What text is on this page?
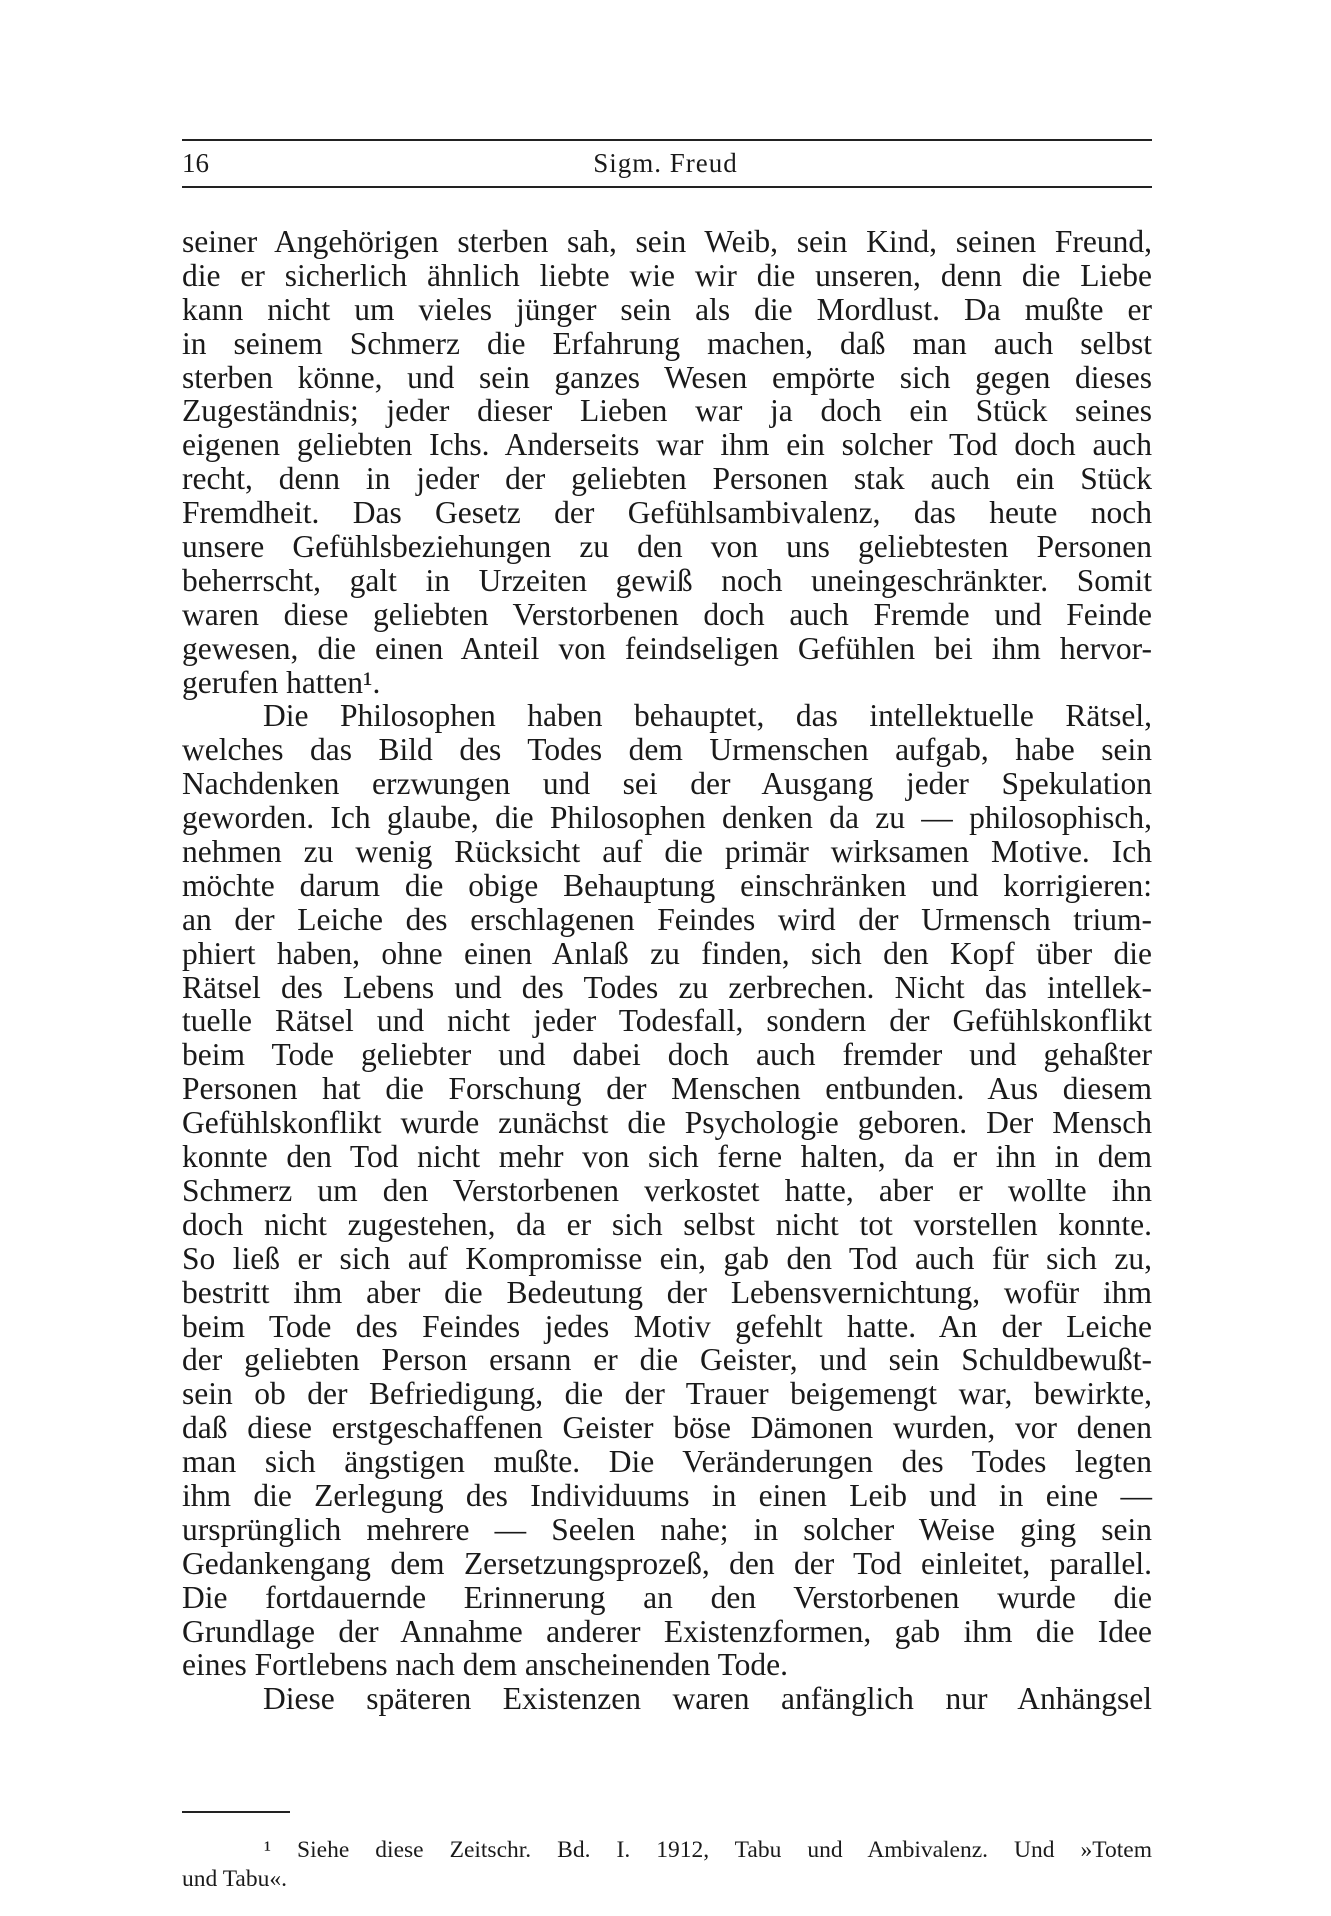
16	Sigm. Freud
seiner Angehörigen sterben sah, sein Weib, sein Kind, seinen Freund,
die er sicherlich ähnlich liebte wie wir die unseren, denn die Liebe
kann nicht um vieles jünger sein als die Mordlust. Da mußte er
in seinem Schmerz die Erfahrung machen, daß man auch selbst
sterben könne, und sein ganzes Wesen empörte sich gegen dieses
Zugeständnis; jeder dieser Lieben war ja doch ein Stück seines
eigenen geliebten Ichs. Anderseits war ihm ein solcher Tod doch auch
recht, denn in jeder der geliebten Personen stak auch ein Stück
Fremdheit. Das Gesetz der Gefühlsambivalenz, das heute noch
unsere Gefühlsbeziehungen zu den von uns geliebtesten Personen
beherrscht, galt in Urzeiten gewiß noch uneingeschränkter. Somit
waren diese geliebten Verstorbenen doch auch Fremde und Feinde
gewesen, die einen Anteil von feindseligen Gefühlen bei ihm hervor-
gerufen hatten¹.
Die Philosophen haben behauptet, das intellektuelle Rätsel,
welches das Bild des Todes dem Urmenschen aufgab, habe sein
Nachdenken erzwungen und sei der Ausgang jeder Spekulation
geworden. Ich glaube, die Philosophen denken da zu — philosophisch,
nehmen zu wenig Rücksicht auf die primär wirksamen Motive. Ich
möchte darum die obige Behauptung einschränken und korrigieren:
an der Leiche des erschlagenen Feindes wird der Urmensch trium-
phiert haben, ohne einen Anlaß zu finden, sich den Kopf über die
Rätsel des Lebens und des Todes zu zerbrechen. Nicht das intellek-
tuelle Rätsel und nicht jeder Todesfall, sondern der Gefühlskonflikt
beim Tode geliebter und dabei doch auch fremder und gehaßter
Personen hat die Forschung der Menschen entbunden. Aus diesem
Gefühlskonflikt wurde zunächst die Psychologie geboren. Der Mensch
konnte den Tod nicht mehr von sich ferne halten, da er ihn in dem
Schmerz um den Verstorbenen verkostet hatte, aber er wollte ihn
doch nicht zugestehen, da er sich selbst nicht tot vorstellen konnte.
So ließ er sich auf Kompromisse ein, gab den Tod auch für sich zu,
bestritt ihm aber die Bedeutung der Lebensvernichtung, wofür ihm
beim Tode des Feindes jedes Motiv gefehlt hatte. An der Leiche
der geliebten Person ersann er die Geister, und sein Schuldbewußt-
sein ob der Befriedigung, die der Trauer beigemengt war, bewirkte,
daß diese erstgeschaffenen Geister böse Dämonen wurden, vor denen
man sich ängstigen mußte. Die Veränderungen des Todes legten
ihm die Zerlegung des Individuums in einen Leib und in eine —
ursprünglich mehrere — Seelen nahe; in solcher Weise ging sein
Gedankengang dem Zersetzungsprozeß, den der Tod einleitet, parallel.
Die fortdauernde Erinnerung an den Verstorbenen wurde die
Grundlage der Annahme anderer Existenzformen, gab ihm die Idee
eines Fortlebens nach dem anscheinenden Tode.
Diese späteren Existenzen waren anfänglich nur Anhängsel
¹ Siehe diese Zeitschr. Bd. I. 1912, Tabu und Ambivalenz. Und »Totem
und Tabu«.
